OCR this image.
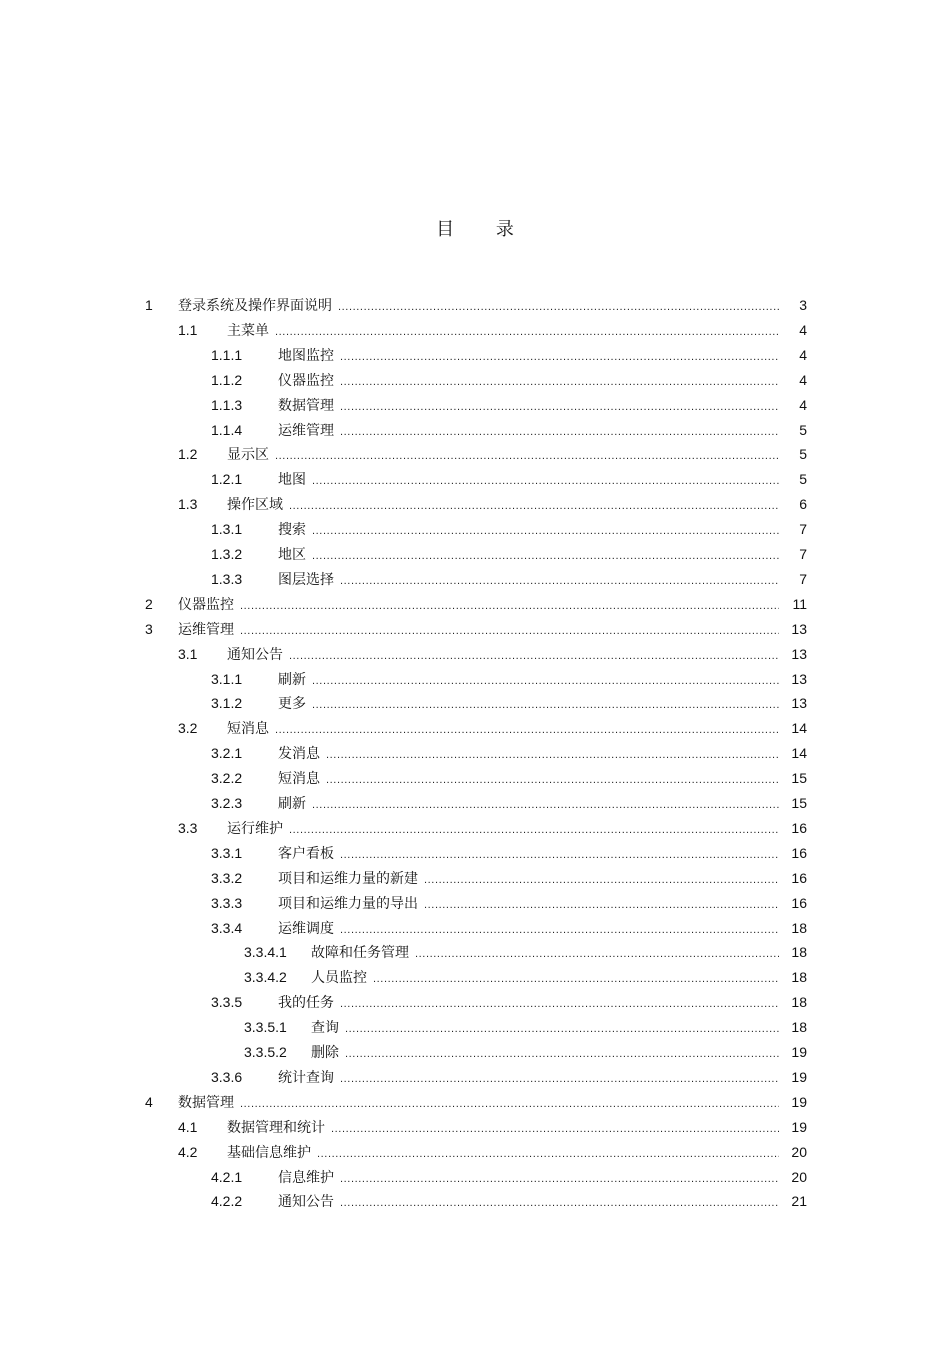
目 录
1	登录系统及操作界面说明 .....	3
1.1	主菜单 .....	4
1.1.1	地图监控 .....	4
1.1.2	仪器监控 .....	4
1.1.3	数据管理 .....	4
1.1.4	运维管理 .....	5
1.2	显示区 .....	5
1.2.1	地图 .....	5
1.3	操作区域 .....	6
1.3.1	搜索 .....	7
1.3.2	地区 .....	7
1.3.3	图层选择 .....	7
2	仪器监控 .....	11
3	运维管理 .....	13
3.1	通知公告 .....	13
3.1.1	刷新 .....	13
3.1.2	更多 .....	13
3.2	短消息 .....	14
3.2.1	发消息 .....	14
3.2.2	短消息 .....	15
3.2.3	刷新 .....	15
3.3	运行维护 .....	16
3.3.1	客户看板 .....	16
3.3.2	项目和运维力量的新建 .....	16
3.3.3	项目和运维力量的导出 .....	16
3.3.4	运维调度 .....	18
3.3.4.1	故障和任务管理 .....	18
3.3.4.2	人员监控 .....	18
3.3.5	我的任务 .....	18
3.3.5.1	查询 .....	18
3.3.5.2	删除 .....	19
3.3.6	统计查询 .....	19
4	数据管理 .....	19
4.1	数据管理和统计 .....	19
4.2	基础信息维护 .....	20
4.2.1	信息维护 .....	20
4.2.2	通知公告 .....	21
